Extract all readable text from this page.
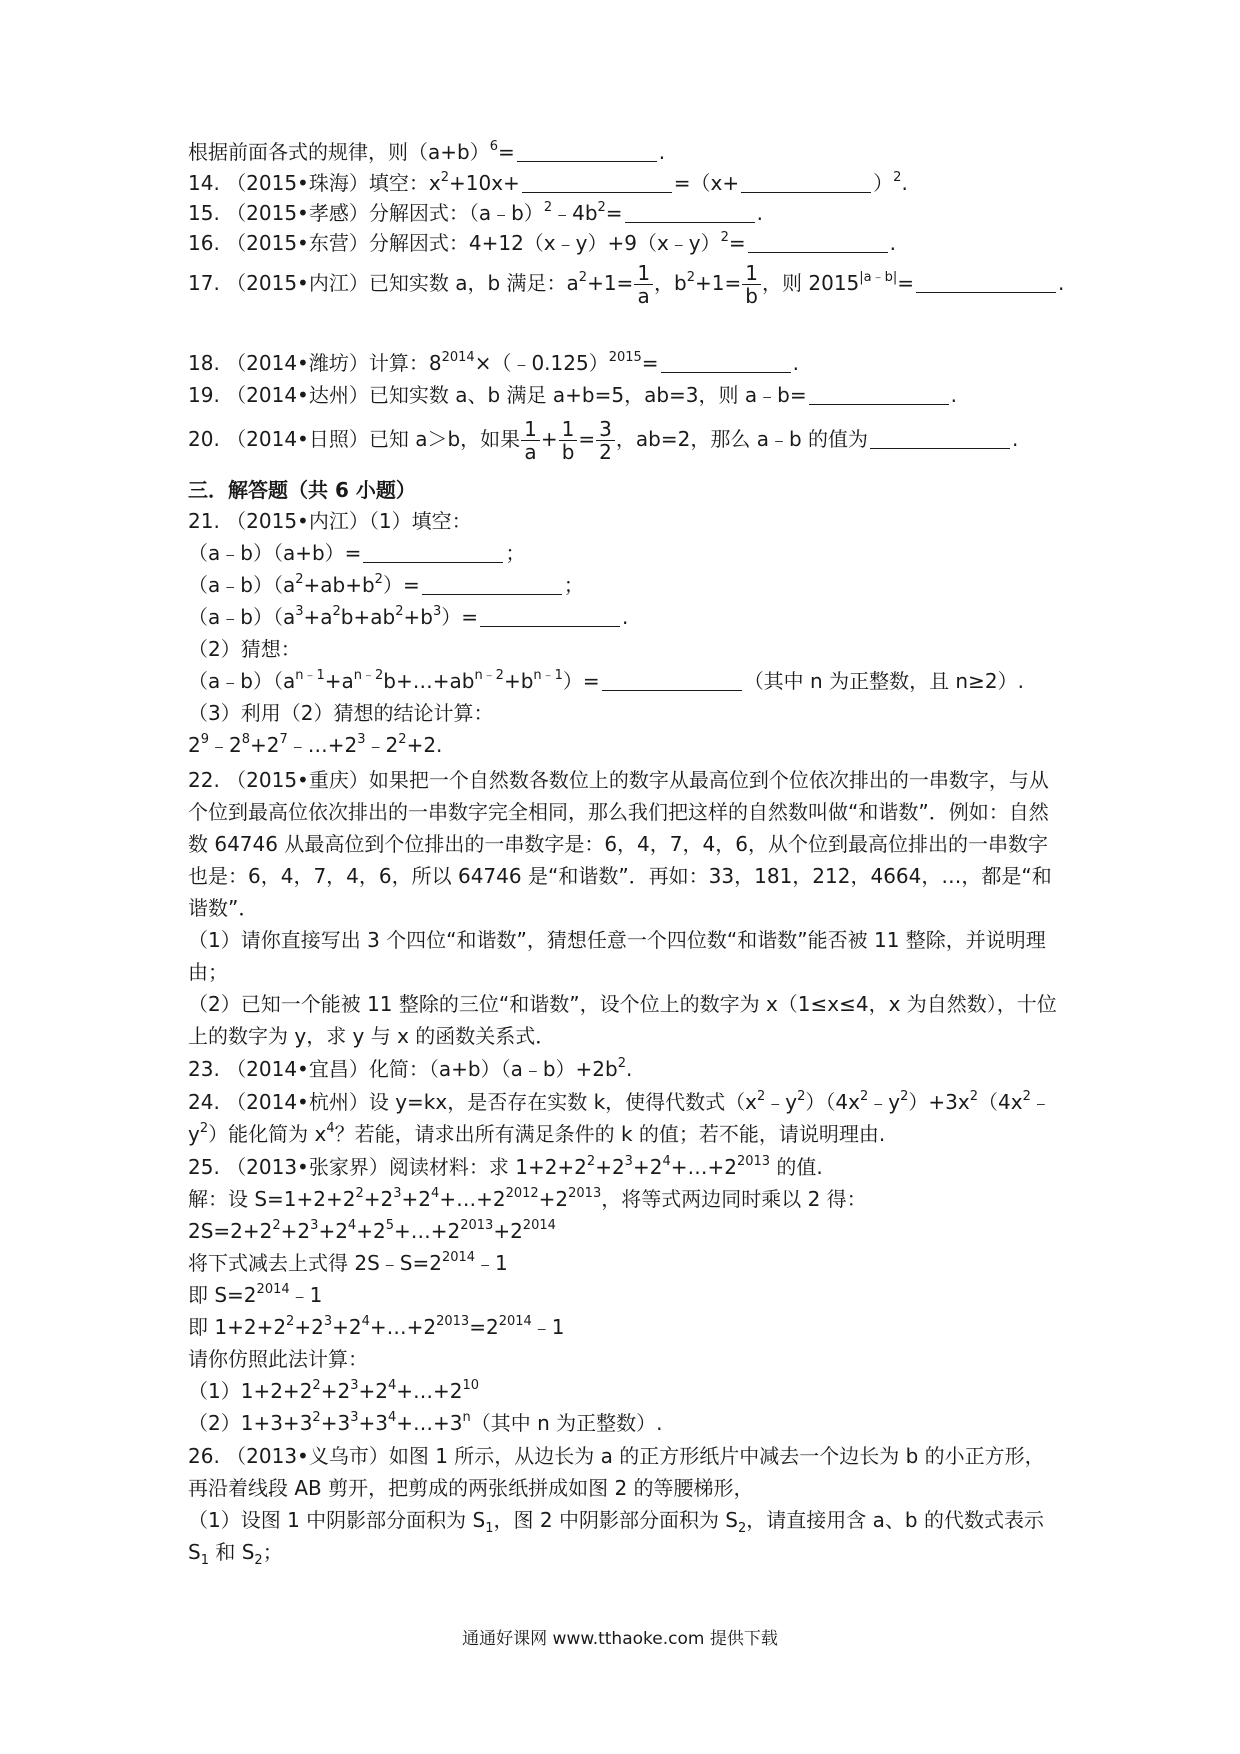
根据前面各式的规律，则$(a+b)^6=$	.
14. （2015•珠海）填空：$x^2+10x+$	=（x+	）$^2$.
15. （2015•孝感）分解因式：$(a﹣b)^2﹣4b^2=$	.
16. （2015•东营）分解因式：4+12（x﹣y）+9（x﹣y）$^2$=	.
17. （2015•内江）已知实数 a，b 满足：$a^2+1= \frac{1}{a}$ ，$b^2+1= \frac{1}{b}$ ，则 $2015^{|a﹣b|}=$	.
18. （2014•潍坊）计算：$8^{2014}\times(﹣0.125)^{2015}=$	.
19. （2014•达州）已知实数 a、b 满足 a+b=5，ab=3，则 a﹣b=	.
20. （2014•日照）已知 a＞b，如果 $\frac{1}{a} + \frac{1}{b} = \frac{3}{2}$ ，ab=2，那么 a﹣b 的值为	.
三．解答题（共 6 小题）
21. （2015•内江）（1）填空：
（a﹣b）（a+b）=	；
$(a﹣b)(a^2+ab+b^2)=$	；
$(a﹣b)(a^3+a^2b+ab^2+b^3)=$	.
（2）猜想：
$(a﹣b)(a^{n﹣1}+a^{n﹣2}b+\dots+ab^{n﹣2}+b^{n﹣1})=$	（其中 n 为正整数，且 n≥2）.
（3）利用（2）猜想的结论计算：
$2^9﹣2^8+2^7﹣\dots+2^3﹣2^2+2$.
22. （2015•重庆）如果把一个自然数各数位上的数字从最高位到个位依次排出的一串数字，与从个位到最高位依次排出的一串数字完全相同，那么我们把这样的自然数叫做“和谐数”．例如：自然数 64746 从最高位到个位排出的一串数字是：6，4，7，4，6，从个位到最高位排出的一串数字也是：6，4，7，4，6，所以 64746 是“和谐数”．再如：33，181，212，4664，…，都是“和谐数”．
（1）请你直接写出 3 个四位“和谐数”，猜想任意一个四位数“和谐数”能否被 11 整除，并说明理由；
（2）已知一个能被 11 整除的三位“和谐数”，设个位上的数字为 x（1≤x≤4，x 为自然数），十位上的数字为 y，求 y 与 x 的函数关系式．
23. （2014•宜昌）化简：$(a+b)(a﹣b)+2b^2$.
24. （2014•杭州）设 y=kx，是否存在实数 k，使得代数式$(x^2﹣y^2)(4x^2﹣y^2)+3x^2(4x^2﹣y^2)$能化简为 $x^4$？若能，请求出所有满足条件的 k 的值；若不能，请说明理由.
25. （2013•张家界）阅读材料：求 $1+2+2^2+2^3+2^4+\dots+2^{2013}$ 的值.
解：设 $S=1+2+2^2+2^3+2^4+\dots+2^{2012}+2^{2013}$，将等式两边同时乘以 2 得：
$2S=2+2^2+2^3+2^4+2^5+\dots+2^{2013}+2^{2014}$
将下式减去上式得 $2S﹣S=2^{2014}﹣1$
即 $S=2^{2014}﹣1$
即 $1+2+2^2+2^3+2^4+\dots+2^{2013}=2^{2014}﹣1$
请你仿照此法计算：
$(1)1+2+2^2+2^3+2^4+\dots+2^{10}$
$(2)1+3+3^2+3^3+3^4+\dots+3^n$（其中 n 为正整数）.
26. （2013•义乌市）如图 1 所示，从边长为 a 的正方形纸片中减去一个边长为 b 的小正方形，再沿着线段 AB 剪开，把剪成的两张纸拼成如图 2 的等腰梯形，
（1）设图 1 中阴影部分面积为 $S_1$，图 2 中阴影部分面积为 $S_2$，请直接用含 a、b 的代数式表示 $S_1$ 和 $S_2$；
通通好课网 www.tthaoke.com 提供下载
